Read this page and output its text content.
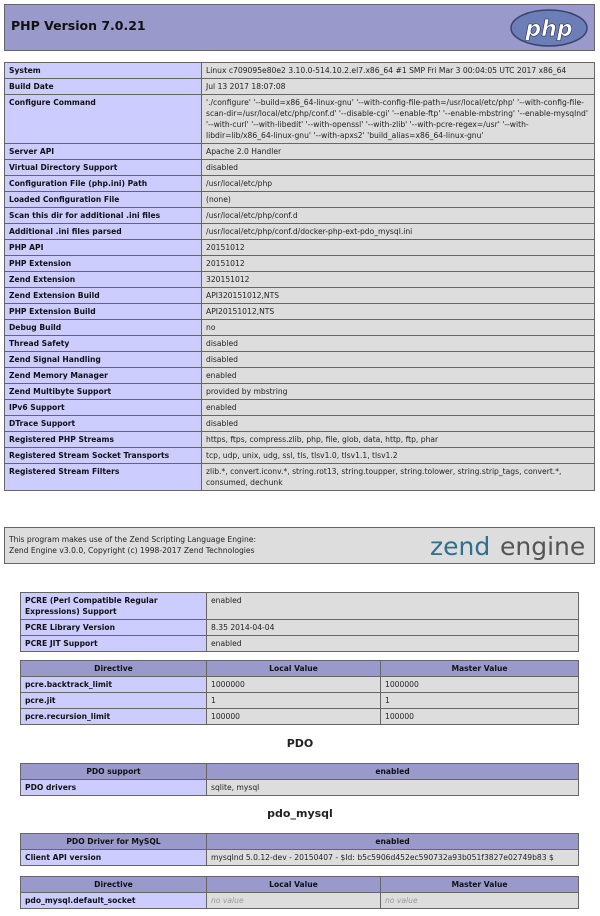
PHP Version 7.0.21	php
System	Linux c709095e80e2 3.10.0-514.10.2.el7.x86_64 #1 SMP Fri Mar 3 00:04:05 UTC 2017 x86_64
Build Date	Jul 13 2017 18:07:08
Configure Command	'./configure' '--build=x86_64-linux-gnu' '--with-config-file-path=/usr/local/etc/php' '--with-config-file-scan-dir=/usr/local/etc/php/conf.d' '--disable-cgi' '--enable-ftp' '--enable-mbstring' '--enable-mysqlnd' '--with-curl' '--with-libedit' '--with-openssl' '--with-zlib' '--with-pcre-regex=/usr' '--with-libdir=lib/x86_64-linux-gnu' '--with-apxs2' 'build_alias=x86_64-linux-gnu'
Server API	Apache 2.0 Handler
Virtual Directory Support	disabled
Configuration File (php.ini) Path	/usr/local/etc/php
Loaded Configuration File	(none)
Scan this dir for additional .ini files	/usr/local/etc/php/conf.d
Additional .ini files parsed	/usr/local/etc/php/conf.d/docker-php-ext-pdo_mysql.ini
PHP API	20151012
PHP Extension	20151012
Zend Extension	320151012
Zend Extension Build	API320151012,NTS
PHP Extension Build	API20151012,NTS
Debug Build	no
Thread Safety	disabled
Zend Signal Handling	disabled
Zend Memory Manager	enabled
Zend Multibyte Support	provided by mbstring
IPv6 Support	enabled
DTrace Support	disabled
Registered PHP Streams	https, ftps, compress.zlib, php, file, glob, data, http, ftp, phar
Registered Stream Socket Transports	tcp, udp, unix, udg, ssl, tls, tlsv1.0, tlsv1.1, tlsv1.2
Registered Stream Filters	zlib.*, convert.iconv.*, string.rot13, string.toupper, string.tolower, string.strip_tags, convert.*, consumed, dechunk
This program makes use of the Zend Scripting Language Engine:
Zend Engine v3.0.0, Copyright (c) 1998-2017 Zend Technologies	zend engine
PCRE (Perl Compatible Regular Expressions) Support	enabled
PCRE Library Version	8.35 2014-04-04
PCRE JIT Support	enabled
Directive	Local Value	Master Value
pcre.backtrack_limit	1000000	1000000
pcre.jit	1	1
pcre.recursion_limit	100000	100000
PDO
PDO support	enabled
PDO drivers	sqlite, mysql
pdo_mysql
PDO Driver for MySQL	enabled
Client API version	mysqlnd 5.0.12-dev - 20150407 - $Id: b5c5906d452ec590732a93b051f3827e02749b83 $
Directive	Local Value	Master Value
pdo_mysql.default_socket	no value	no value
